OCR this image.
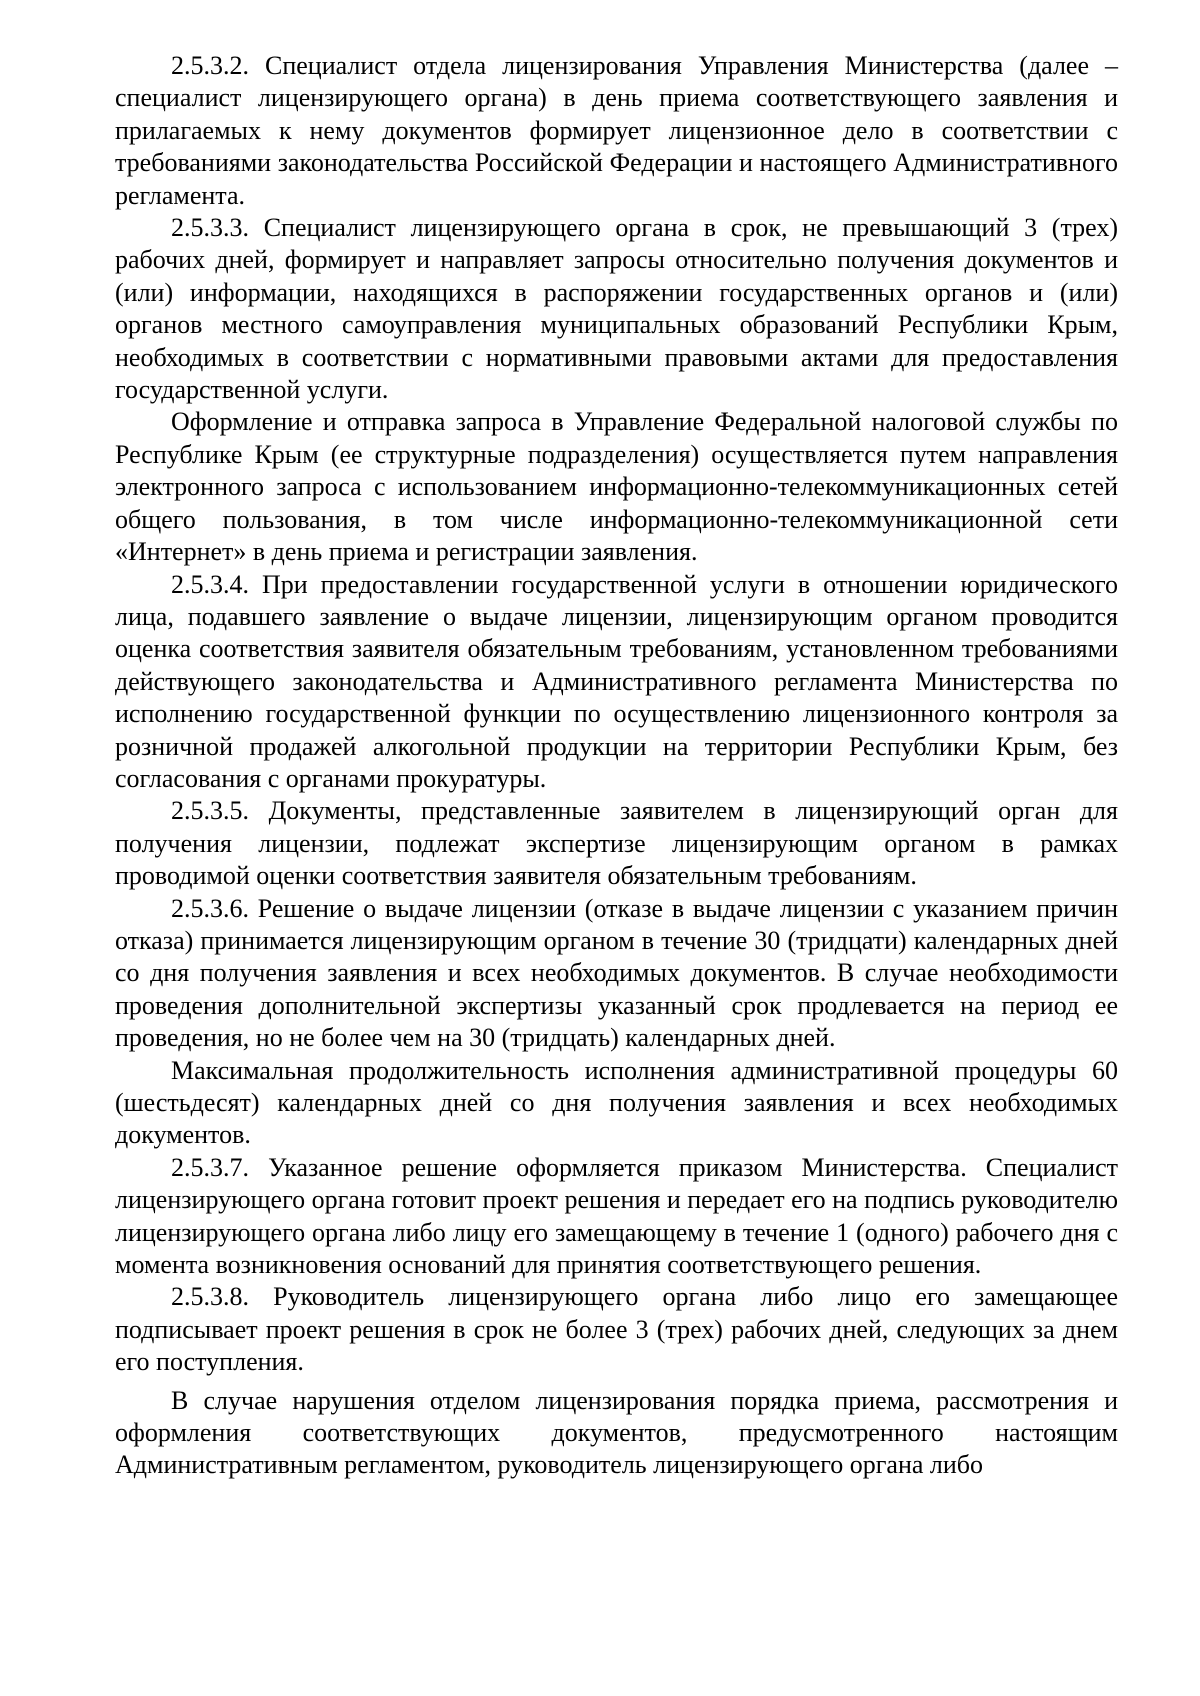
2.5.3.2. Специалист отдела лицензирования Управления Министерства (далее – специалист лицензирующего органа) в день приема соответствующего заявления и прилагаемых к нему документов формирует лицензионное дело в соответствии с требованиями законодательства Российской Федерации и настоящего Административного регламента.

2.5.3.3. Специалист лицензирующего органа в срок, не превышающий 3 (трех) рабочих дней, формирует и направляет запросы относительно получения документов и (или) информации, находящихся в распоряжении государственных органов и (или) органов местного самоуправления муниципальных образований Республики Крым, необходимых в соответствии с нормативными правовыми актами для предоставления государственной услуги.

Оформление и отправка запроса в Управление Федеральной налоговой службы по Республике Крым (ее структурные подразделения) осуществляется путем направления электронного запроса с использованием информационно-телекоммуникационных сетей общего пользования, в том числе информационно-телекоммуникационной сети «Интернет» в день приема и регистрации заявления.

2.5.3.4. При предоставлении государственной услуги в отношении юридического лица, подавшего заявление о выдаче лицензии, лицензирующим органом проводится оценка соответствия заявителя обязательным требованиям, установленном требованиями действующего законодательства и Административного регламента Министерства по исполнению государственной функции по осуществлению лицензионного контроля за розничной продажей алкогольной продукции на территории Республики Крым, без согласования с органами прокуратуры.

2.5.3.5. Документы, представленные заявителем в лицензирующий орган для получения лицензии, подлежат экспертизе лицензирующим органом в рамках проводимой оценки соответствия заявителя обязательным требованиям.

2.5.3.6. Решение о выдаче лицензии (отказе в выдаче лицензии с указанием причин отказа) принимается лицензирующим органом в течение 30 (тридцати) календарных дней со дня получения заявления и всех необходимых документов. В случае необходимости проведения дополнительной экспертизы указанный срок продлевается на период ее проведения, но не более чем на 30 (тридцать) календарных дней.

Максимальная продолжительность исполнения административной процедуры 60 (шестьдесят) календарных дней со дня получения заявления и всех необходимых документов.

2.5.3.7. Указанное решение оформляется приказом Министерства. Специалист лицензирующего органа готовит проект решения и передает его на подпись руководителю лицензирующего органа либо лицу его замещающему в течение 1 (одного) рабочего дня с момента возникновения оснований для принятия соответствующего решения.

2.5.3.8. Руководитель лицензирующего органа либо лицо его замещающее подписывает проект решения в срок не более 3 (трех) рабочих дней, следующих за днем его поступления.

В случае нарушения отделом лицензирования порядка приема, рассмотрения и оформления соответствующих документов, предусмотренного настоящим Административным регламентом, руководитель лицензирующего органа либо
